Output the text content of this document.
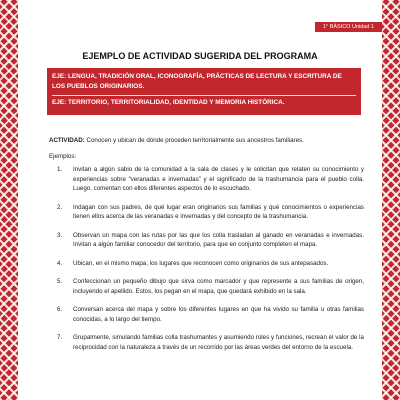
1° BÁSICO Unidad 1
EJEMPLO DE ACTIVIDAD SUGERIDA DEL PROGRAMA
EJE: LENGUA, TRADICIÓN ORAL, ICONOGRAFÍA, PRÁCTICAS DE LECTURA Y ESCRITURA DE LOS PUEBLOS ORIGINARIOS.
EJE: TERRITORIO, TERRITORIALIDAD, IDENTIDAD Y MEMORIA HISTÓRICA.

ACTIVIDAD: Conocen y ubican de dónde proceden territorialmente sus ancestros familiares.

Ejemplos:
1. Invitan a algún sabio de la comunidad a la sala de clases y le solicitan que relaten su conocimiento y experiencias sobre “veranadas e invernadas” y el significado de la trashumancia para el pueblo colla. Luego, comentan con ellos diferentes aspectos de lo escuchado.
2. Indagan con sus padres, de qué lugar eran originarios sus familias y qué conocimientos o experiencias tienen ellos acerca de las veranadas e invernadas y del concepto de la trashumancia.
3. Observan un mapa con las rutas por las que los colla trasladan al ganado en veranadas e invernadas. Invitan a algún familiar conocedor del territorio, para que en conjunto completen el mapa.
4. Ubican, en el mismo mapa, los lugares que reconocen como originarios de sus antepasados.
5. Confeccionan un pequeño dibujo que sirva como marcador y que represente a sus familias de origen, incluyendo el apellido. Estos, los pegan en el mapa, que quedará exhibido en la sala.
6. Conversan acerca del mapa y sobre los diferentes lugares en que ha vivido su familia u otras familias conocidas, a lo largo del tiempo.
7. Grupalmente, simulando familias colla trashumantes y asumiendo roles y funciones, recrean el valor de la reciprocidad con la naturaleza a través de un recorrido por las áreas verdes del entorno de la escuela.
